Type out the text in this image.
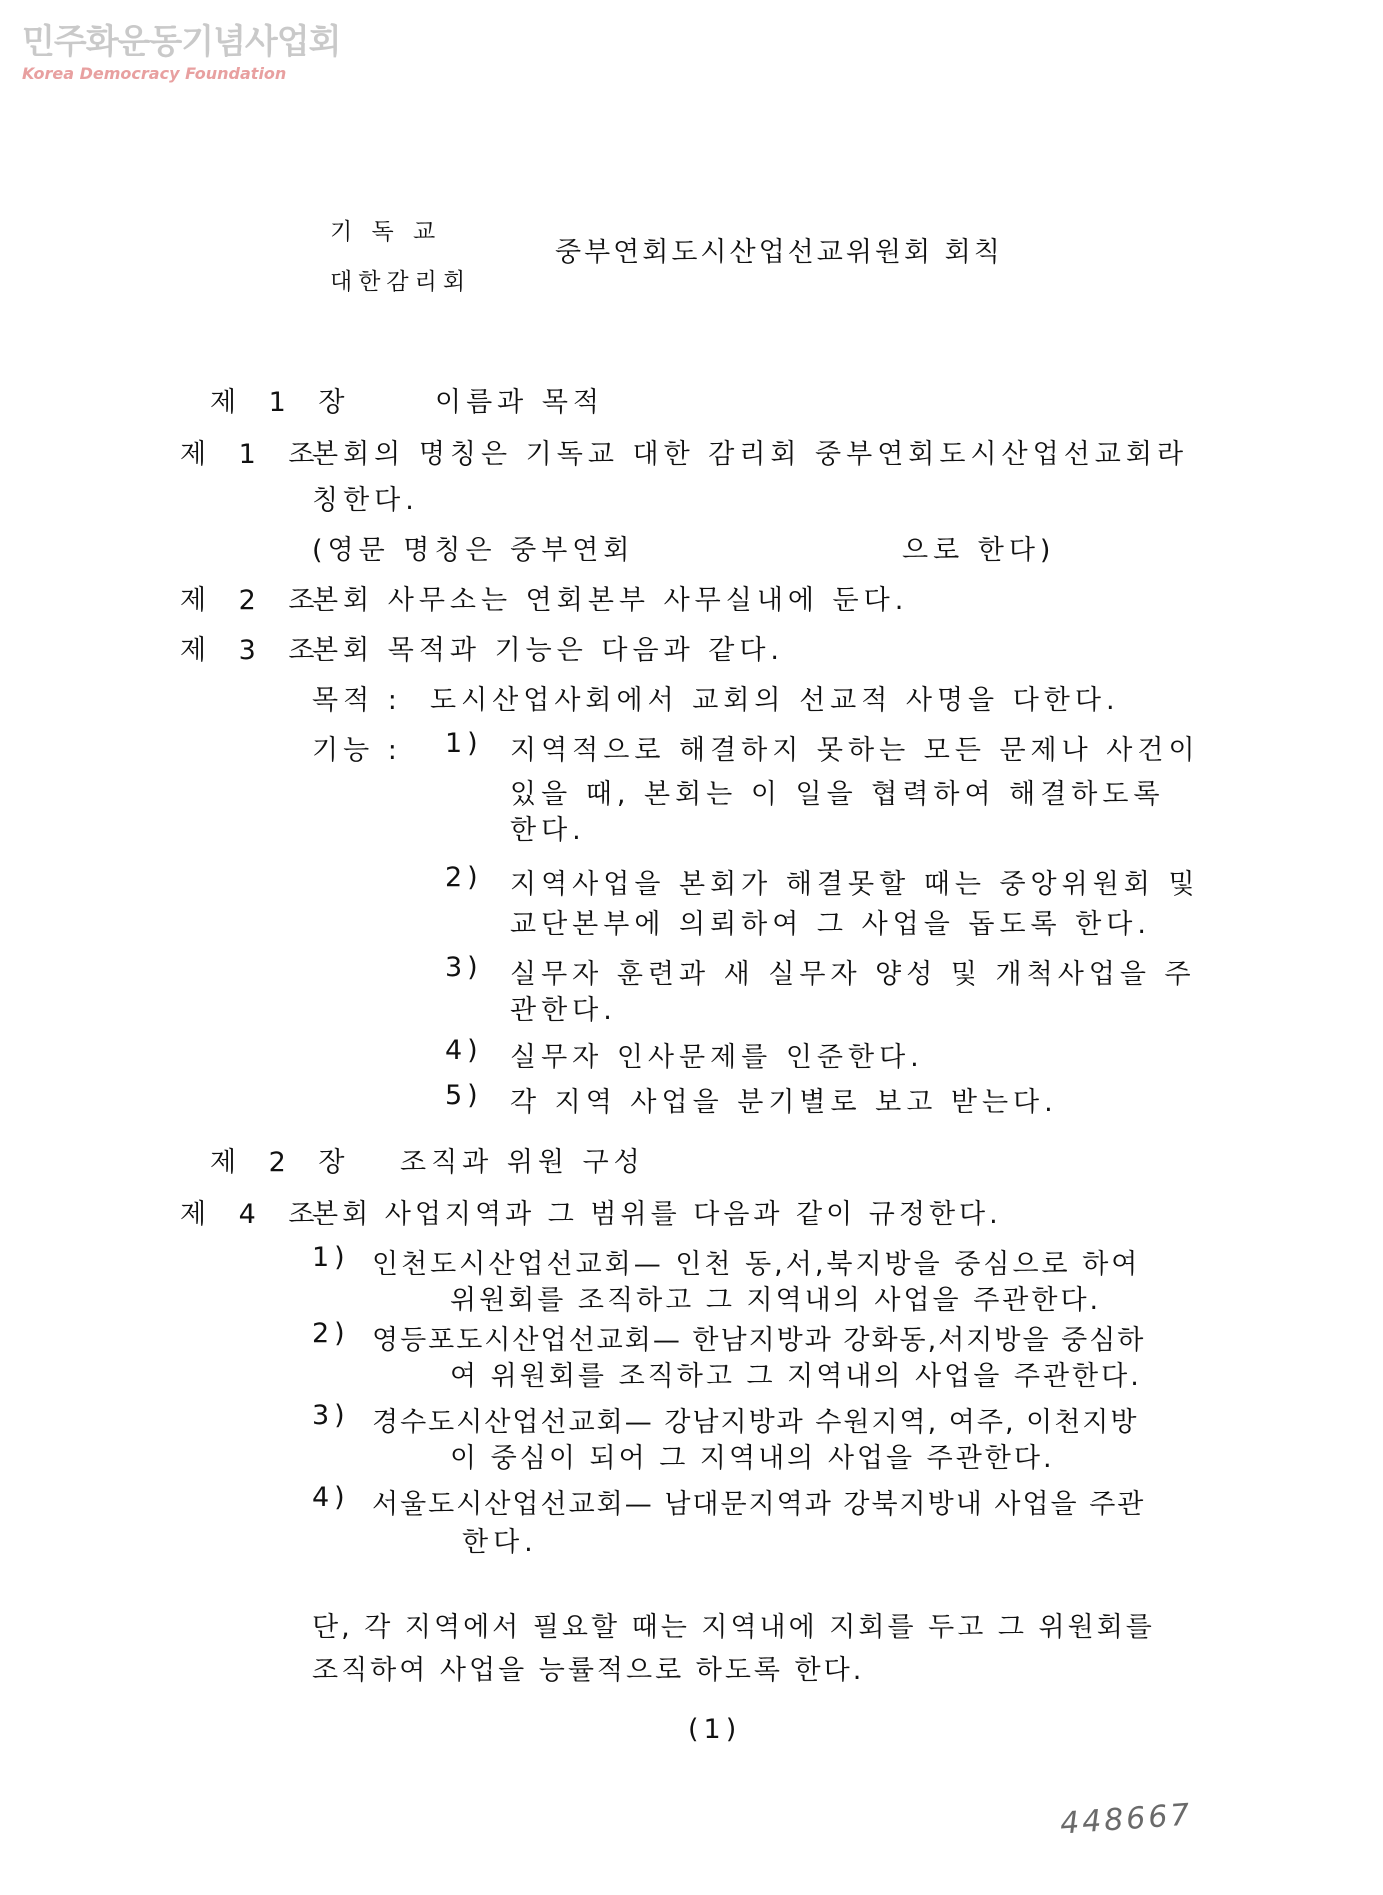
민주화운동기념사업회
Korea Democracy Foundation
기 독 교
대한감리회
중부연회도시산업선교위원회 회칙
제 1 장	이름과 목적
제 1 조
본회의 명칭은 기독교 대한 감리회 중부연회도시산업선교회라
칭한다.
(영문 명칭은 중부연회	으로 한다)
제 2 조
본회 사무소는 연회본부 사무실내에 둔다.
제 3 조
본회 목적과 기능은 다음과 같다.
목적 : 도시산업사회에서 교회의 선교적 사명을 다한다.
기능 : 1) 지역적으로 해결하지 못하는 모든 문제나 사건이
있을 때, 본회는 이 일을 협력하여 해결하도록
한다.
2) 지역사업을 본회가 해결못할 때는 중앙위원회 및
교단본부에 의뢰하여 그 사업을 돕도록 한다.
3) 실무자 훈련과 새 실무자 양성 및 개척사업을 주
관한다.
4) 실무자 인사문제를 인준한다.
5) 각 지역 사업을 분기별로 보고 받는다.
제 2 장 조직과 위원 구성
제 4 조
본회 사업지역과 그 범위를 다음과 같이 규정한다.
1) 인천도시산업선교회— 인천 동,서,북지방을 중심으로 하여
위원회를 조직하고 그 지역내의 사업을 주관한다.
2) 영등포도시산업선교회— 한남지방과 강화동,서지방을 중심하
여 위원회를 조직하고 그 지역내의 사업을 주관한다.
3) 경수도시산업선교회— 강남지방과 수원지역, 여주, 이천지방
이 중심이 되어 그 지역내의 사업을 주관한다.
4) 서울도시산업선교회— 남대문지역과 강북지방내 사업을 주관
한다.
단, 각 지역에서 필요할 때는 지역내에 지회를 두고 그 위원회를
조직하여 사업을 능률적으로 하도록 한다.
(1)
448667
